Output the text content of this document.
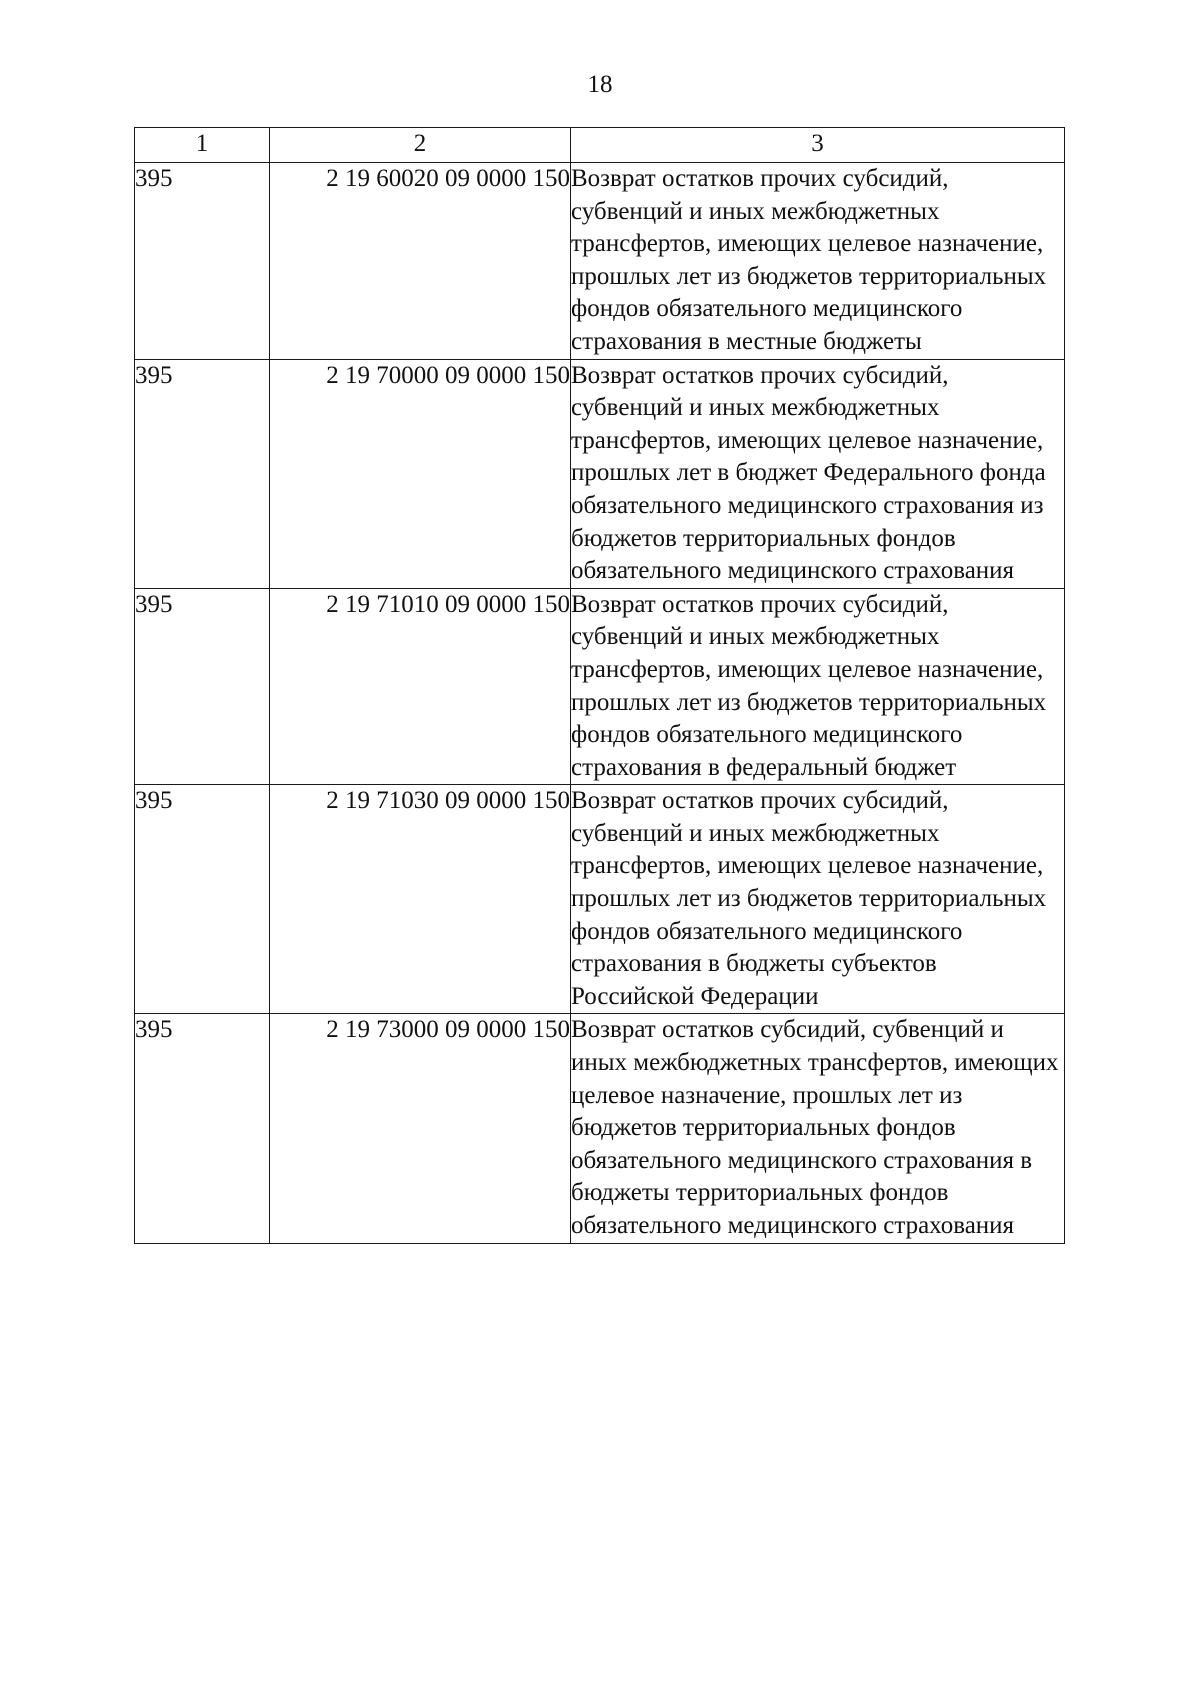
18
1	2	3
395	2 19 60020 09 0000 150	Возврат остатков прочих субсидий, субвенций и иных межбюджетных трансфертов, имеющих целевое назначение, прошлых лет из бюджетов территориальных фондов обязательного медицинского страхования в местные бюджеты
395	2 19 70000 09 0000 150	Возврат остатков прочих субсидий, субвенций и иных межбюджетных трансфертов, имеющих целевое назначение, прошлых лет в бюджет Федерального фонда обязательного медицинского страхования из бюджетов территориальных фондов обязательного медицинского страхования
395	2 19 71010 09 0000 150	Возврат остатков прочих субсидий, субвенций и иных межбюджетных трансфертов, имеющих целевое назначение, прошлых лет из бюджетов территориальных фондов обязательного медицинского страхования в федеральный бюджет
395	2 19 71030 09 0000 150	Возврат остатков прочих субсидий, субвенций и иных межбюджетных трансфертов, имеющих целевое назначение, прошлых лет из бюджетов территориальных фондов обязательного медицинского страхования в бюджеты субъектов Российской Федерации
395	2 19 73000 09 0000 150	Возврат остатков субсидий, субвенций и иных межбюджетных трансфертов, имеющих целевое назначение, прошлых лет из бюджетов территориальных фондов обязательного медицинского страхования в бюджеты территориальных фондов обязательного медицинского страхования
